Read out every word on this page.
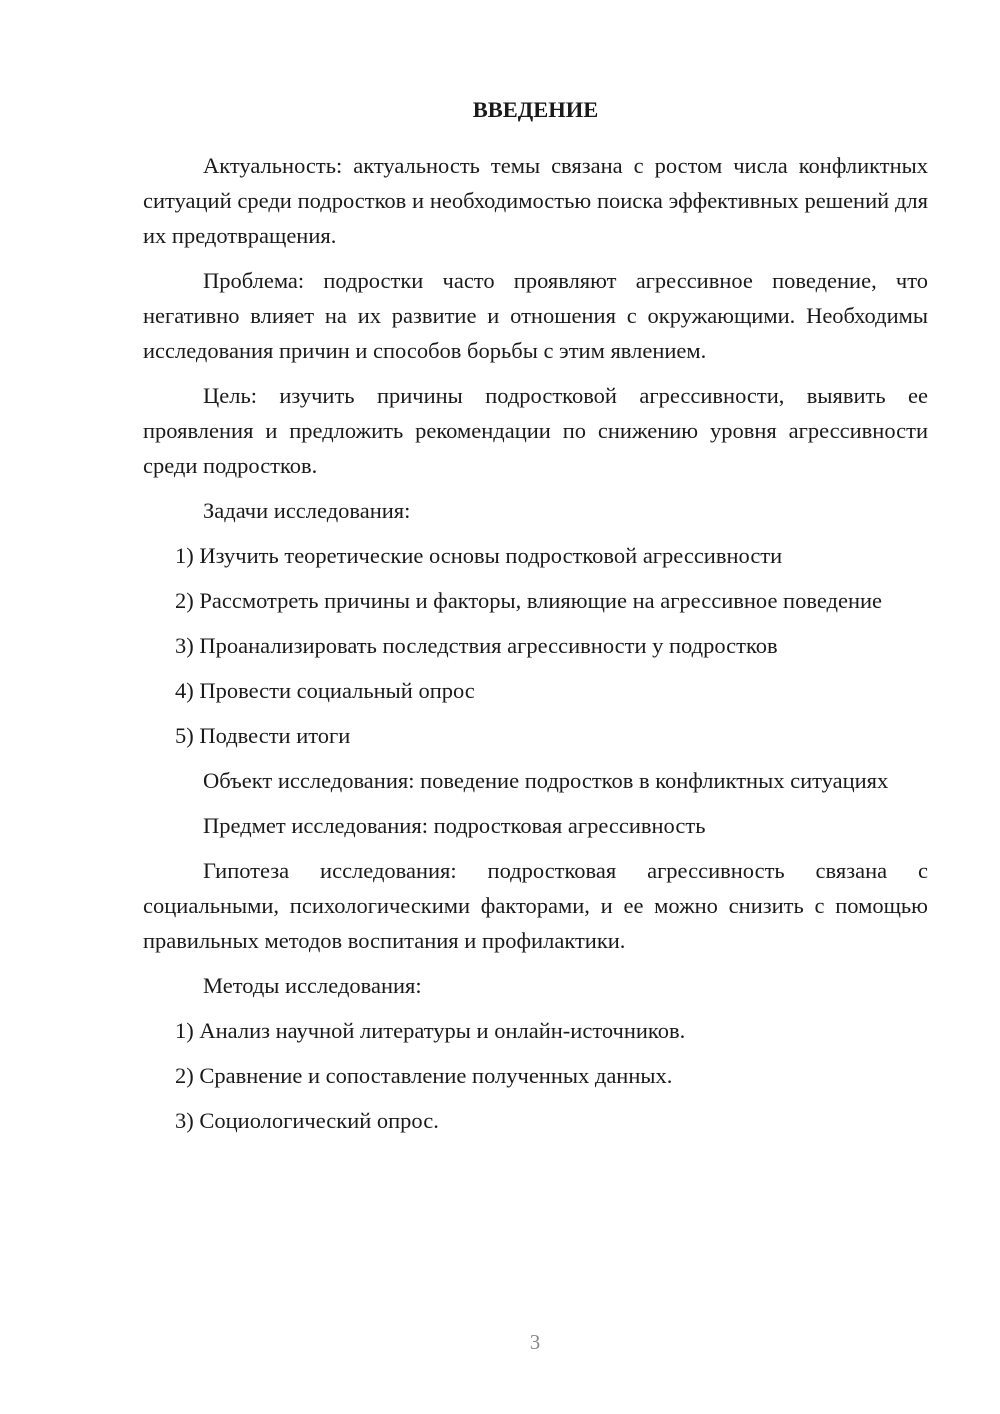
ВВЕДЕНИЕ
Актуальность: актуальность темы связана с ростом числа конфликтных ситуаций среди подростков и необходимостью поиска эффективных решений для их предотвращения.
Проблема: подростки часто проявляют агрессивное поведение, что негативно влияет на их развитие и отношения с окружающими. Необходимы исследования причин и способов борьбы с этим явлением.
Цель: изучить причины подростковой агрессивности, выявить ее проявления и предложить рекомендации по снижению уровня агрессивности среди подростков.
Задачи исследования:
1) Изучить теоретические основы подростковой агрессивности
2) Рассмотреть причины и факторы, влияющие на агрессивное поведение
3) Проанализировать последствия агрессивности у подростков
4) Провести социальный опрос
5) Подвести итоги
Объект исследования: поведение подростков в конфликтных ситуациях
Предмет исследования: подростковая агрессивность
Гипотеза исследования: подростковая агрессивность связана с социальными, психологическими факторами, и ее можно снизить с помощью правильных методов воспитания и профилактики.
Методы исследования:
1) Анализ научной литературы и онлайн-источников.
2) Сравнение и сопоставление полученных данных.
3) Социологический опрос.
3
